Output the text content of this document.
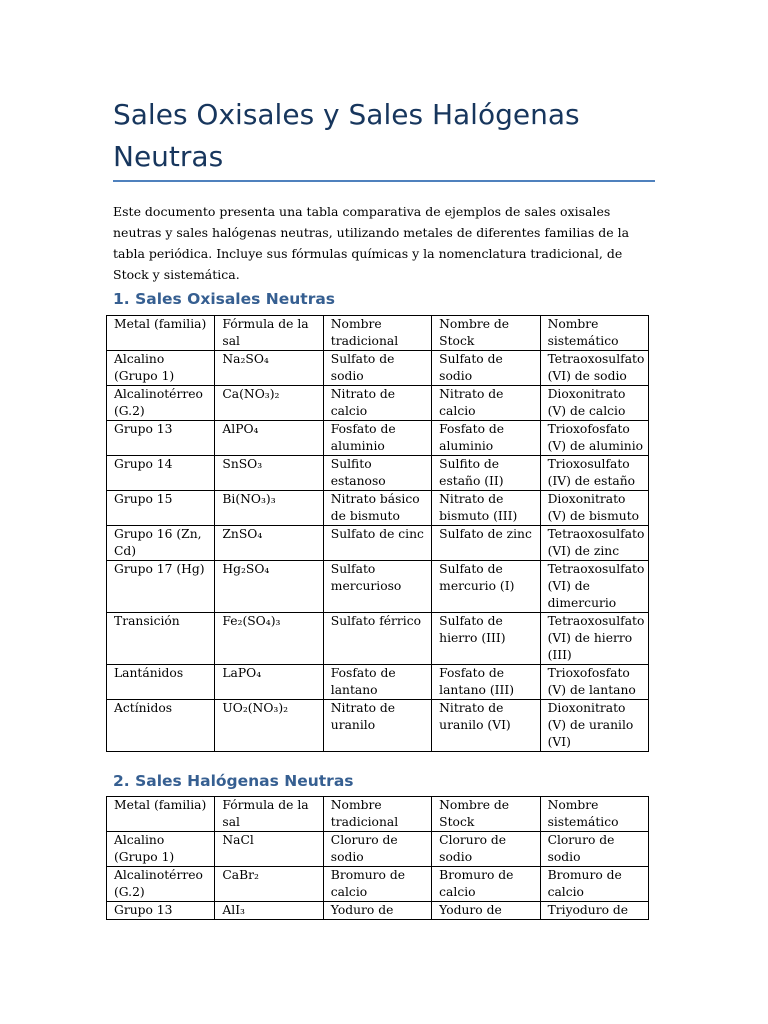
Sales Oxisales y Sales Halógenas Neutras

Este documento presenta una tabla comparativa de ejemplos de sales oxisales neutras y sales halógenas neutras, utilizando metales de diferentes familias de la tabla periódica. Incluye sus fórmulas químicas y la nomenclatura tradicional, de Stock y sistemática.

1. Sales Oxisales Neutras
Metal (familia)	Fórmula de la sal	Nombre tradicional	Nombre de Stock	Nombre sistemático
Alcalino (Grupo 1)	Na₂SO₄	Sulfato de sodio	Sulfato de sodio	Tetraoxosulfato (VI) de sodio
Alcalinotérreo (G.2)	Ca(NO₃)₂	Nitrato de calcio	Nitrato de calcio	Dioxonitrato (V) de calcio
Grupo 13	AlPO₄	Fosfato de aluminio	Fosfato de aluminio	Trioxofosfato (V) de aluminio
Grupo 14	SnSO₃	Sulfito estanoso	Sulfito de estaño (II)	Trioxosulfato (IV) de estaño
Grupo 15	Bi(NO₃)₃	Nitrato básico de bismuto	Nitrato de bismuto (III)	Dioxonitrato (V) de bismuto
Grupo 16 (Zn, Cd)	ZnSO₄	Sulfato de cinc	Sulfato de zinc	Tetraoxosulfato (VI) de zinc
Grupo 17 (Hg)	Hg₂SO₄	Sulfato mercurioso	Sulfato de mercurio (I)	Tetraoxosulfato (VI) de dimercurio
Transición	Fe₂(SO₄)₃	Sulfato férrico	Sulfato de hierro (III)	Tetraoxosulfato (VI) de hierro (III)
Lantánidos	LaPO₄	Fosfato de lantano	Fosfato de lantano (III)	Trioxofosfato (V) de lantano
Actínidos	UO₂(NO₃)₂	Nitrato de uranilo	Nitrato de uranilo (VI)	Dioxonitrato (V) de uranilo (VI)
2. Sales Halógenas Neutras
Metal (familia)	Fórmula de la sal	Nombre tradicional	Nombre de Stock	Nombre sistemático
Alcalino (Grupo 1)	NaCl	Cloruro de sodio	Cloruro de sodio	Cloruro de sodio
Alcalinotérreo (G.2)	CaBr₂	Bromuro de calcio	Bromuro de calcio	Bromuro de calcio
Grupo 13	AlI₃	Yoduro de	Yoduro de	Triyoduro de
